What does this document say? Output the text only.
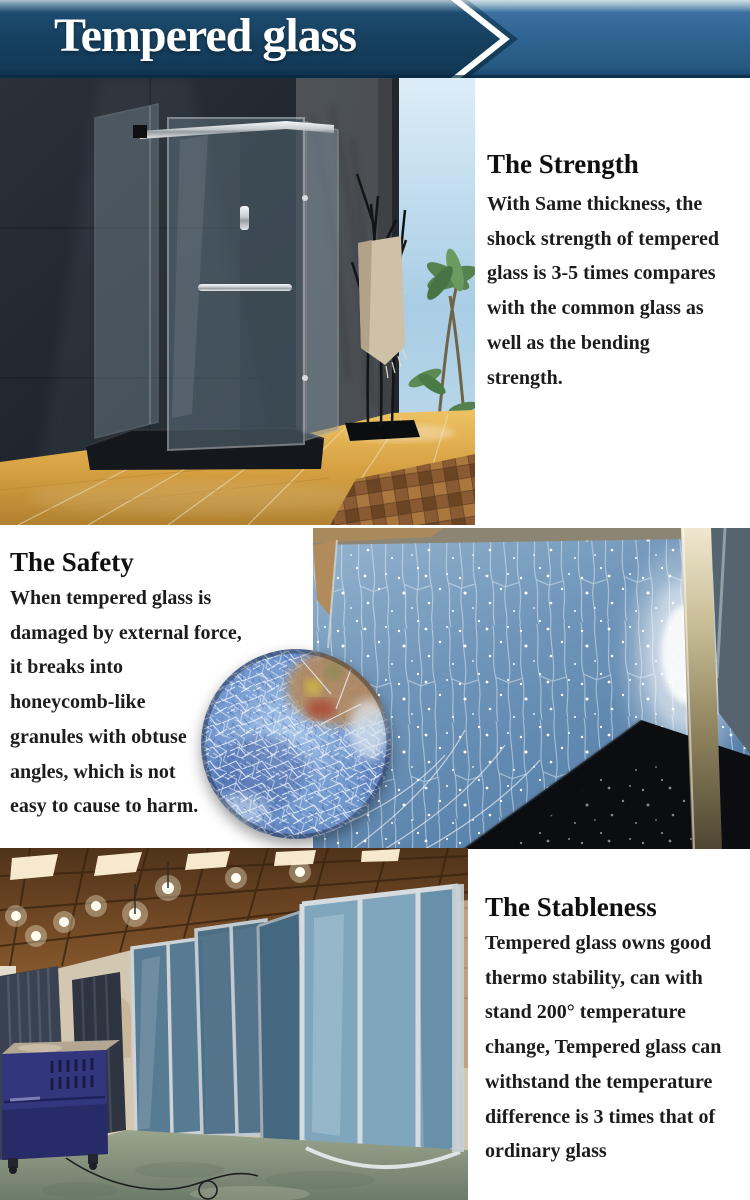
Tempered glass
The Strength
With Same thickness, the
shock strength of tempered
glass is 3-5 times compares
with the common glass as
well as the bending
strength.
The Safety
When tempered glass is
damaged by external force,
it breaks into
honeycomb-like
granules with obtuse
angles, which is not
easy to cause to harm.
The Stableness
Tempered glass owns good
thermo stability, can with
stand 200° temperature
change, Tempered glass can
withstand the temperature
difference is 3 times that of
ordinary glass
